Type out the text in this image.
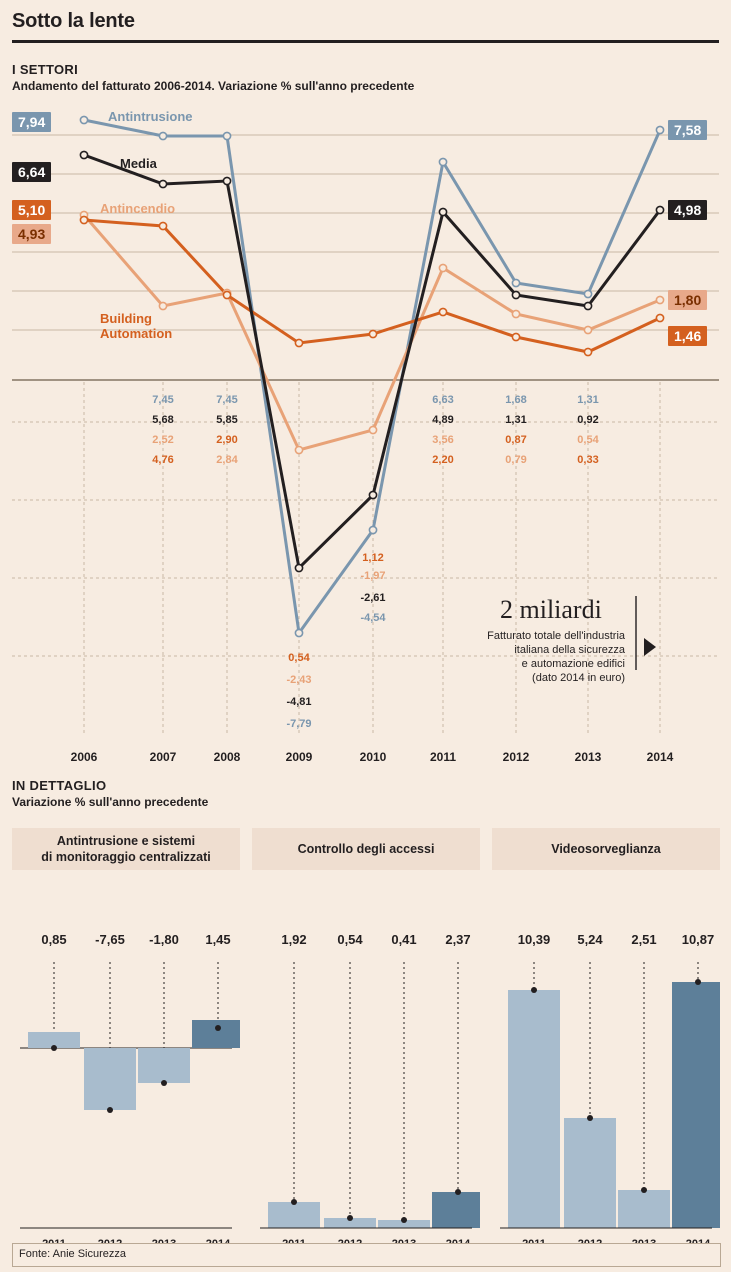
Sotto la lente
I SETTORI
Andamento del fatturato 2006-2014. Variazione % sull'anno precedente
7,94
6,64
5,10
4,93
7,58
4,98
1,80
1,46
Antintrusione
Media
Antincendio
Building
Automation
7,45
5,68
2,52
4,76
7,45
5,85
2,90
2,84
6,63
4,89
3,56
2,20
1,68
1,31
0,87
0,79
1,31
0,92
0,54
0,33
1,12
-1,97
-2,61
-4,54
0,54
-2,43
-4,81
-7,79
2 miliardi
Fatturato totale dell'industria
italiana della sicurezza
e automazione edifici
(dato 2014 in euro)
2006	2007	2008	2009	2010	2011	2012	2013	2014
IN DETTAGLIO
Variazione % sull'anno precedente
Antintrusione e sistemi
di monitoraggio centralizzati
0,85	-7,65	-1,80	1,45
Controllo degli accessi
1,92	0,54	0,41	2,37
Videosorveglianza
10,39	5,24	2,51	10,87
Fonte: Anie Sicurezza
